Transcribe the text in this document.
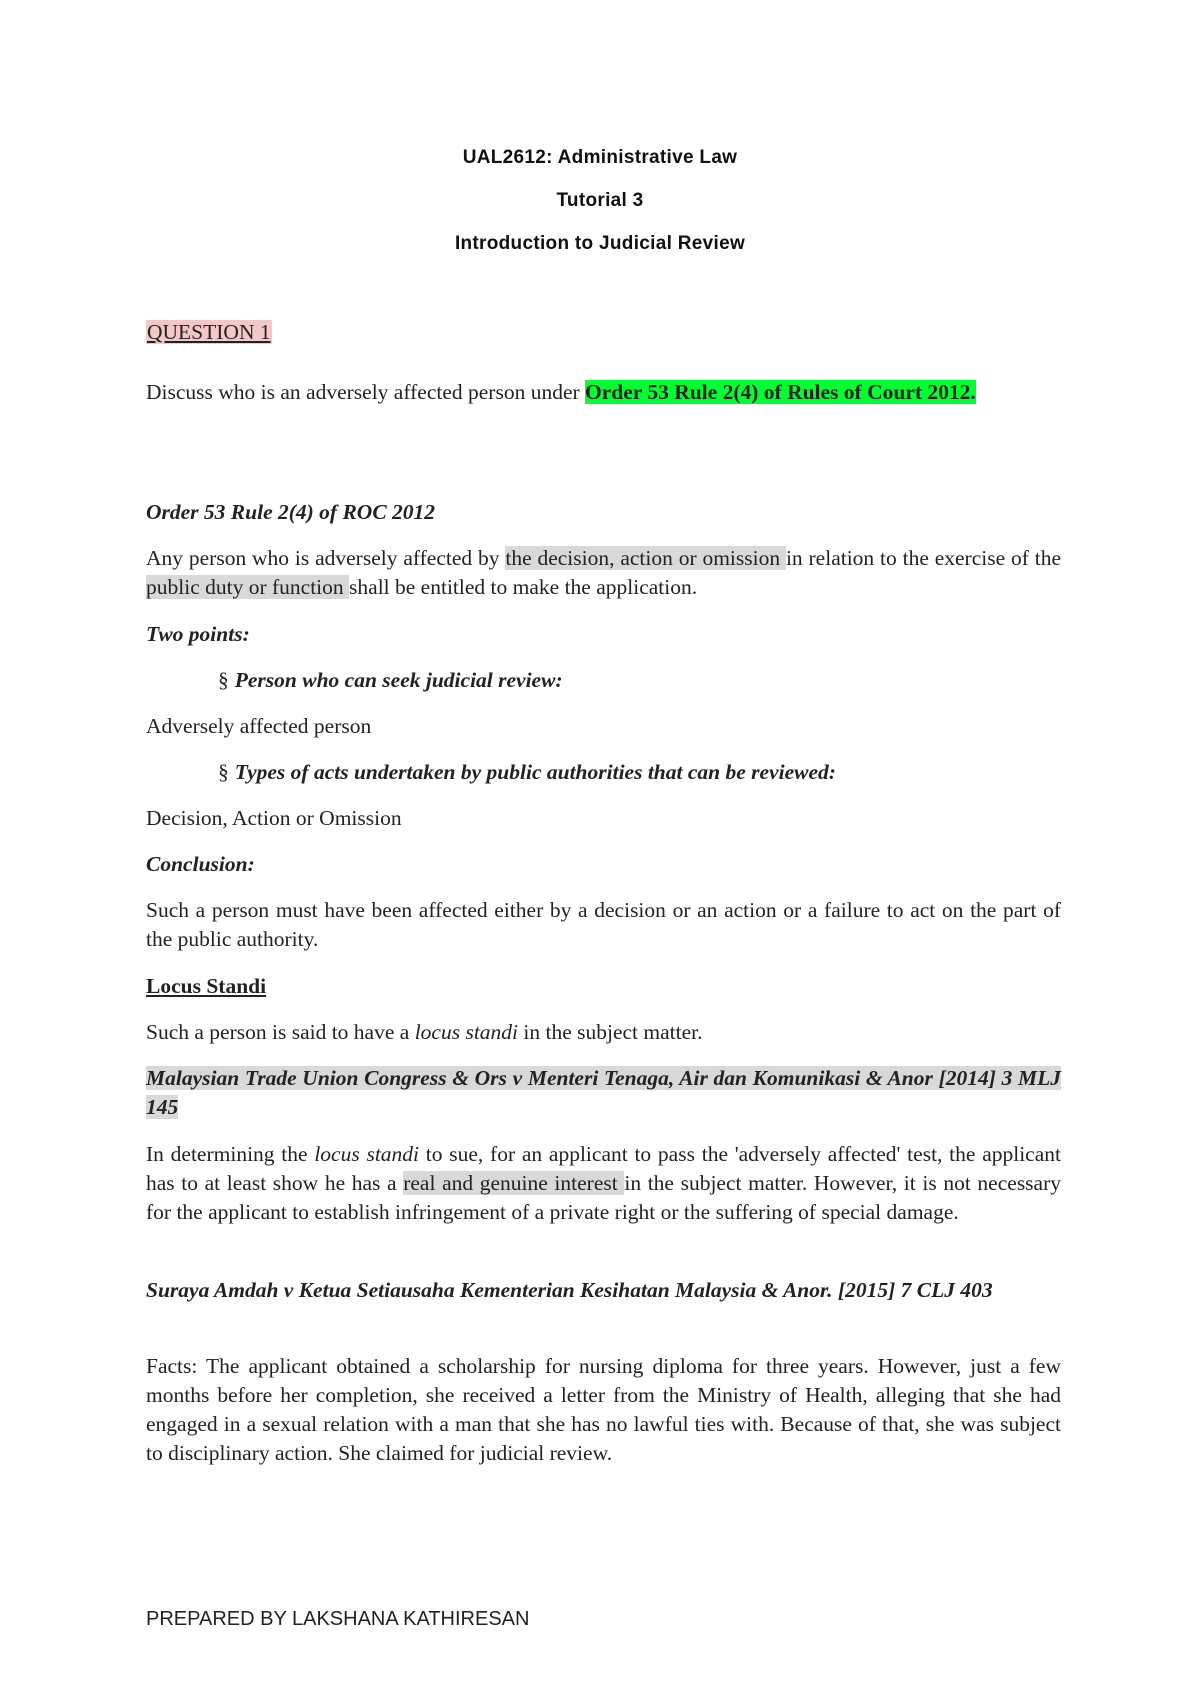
UAL2612: Administrative Law
Tutorial 3
Introduction to Judicial Review
QUESTION 1
Discuss who is an adversely affected person under Order 53 Rule 2(4) of Rules of Court 2012.
Order 53 Rule 2(4) of ROC 2012
Any person who is adversely affected by the decision, action or omission in relation to the exercise of the public duty or function shall be entitled to make the application.
Two points:
§ Person who can seek judicial review:
Adversely affected person
§ Types of acts undertaken by public authorities that can be reviewed:
Decision, Action or Omission
Conclusion:
Such a person must have been affected either by a decision or an action or a failure to act on the part of the public authority.
Locus Standi
Such a person is said to have a locus standi in the subject matter.
Malaysian Trade Union Congress & Ors v Menteri Tenaga, Air dan Komunikasi & Anor [2014] 3 MLJ 145
In determining the locus standi to sue, for an applicant to pass the 'adversely affected' test, the applicant has to at least show he has a real and genuine interest in the subject matter. However, it is not necessary for the applicant to establish infringement of a private right or the suffering of special damage.
Suraya Amdah v Ketua Setiausaha Kementerian Kesihatan Malaysia & Anor. [2015] 7 CLJ 403
Facts: The applicant obtained a scholarship for nursing diploma for three years. However, just a few months before her completion, she received a letter from the Ministry of Health, alleging that she had engaged in a sexual relation with a man that she has no lawful ties with. Because of that, she was subject to disciplinary action. She claimed for judicial review.
PREPARED BY LAKSHANA KATHIRESAN
